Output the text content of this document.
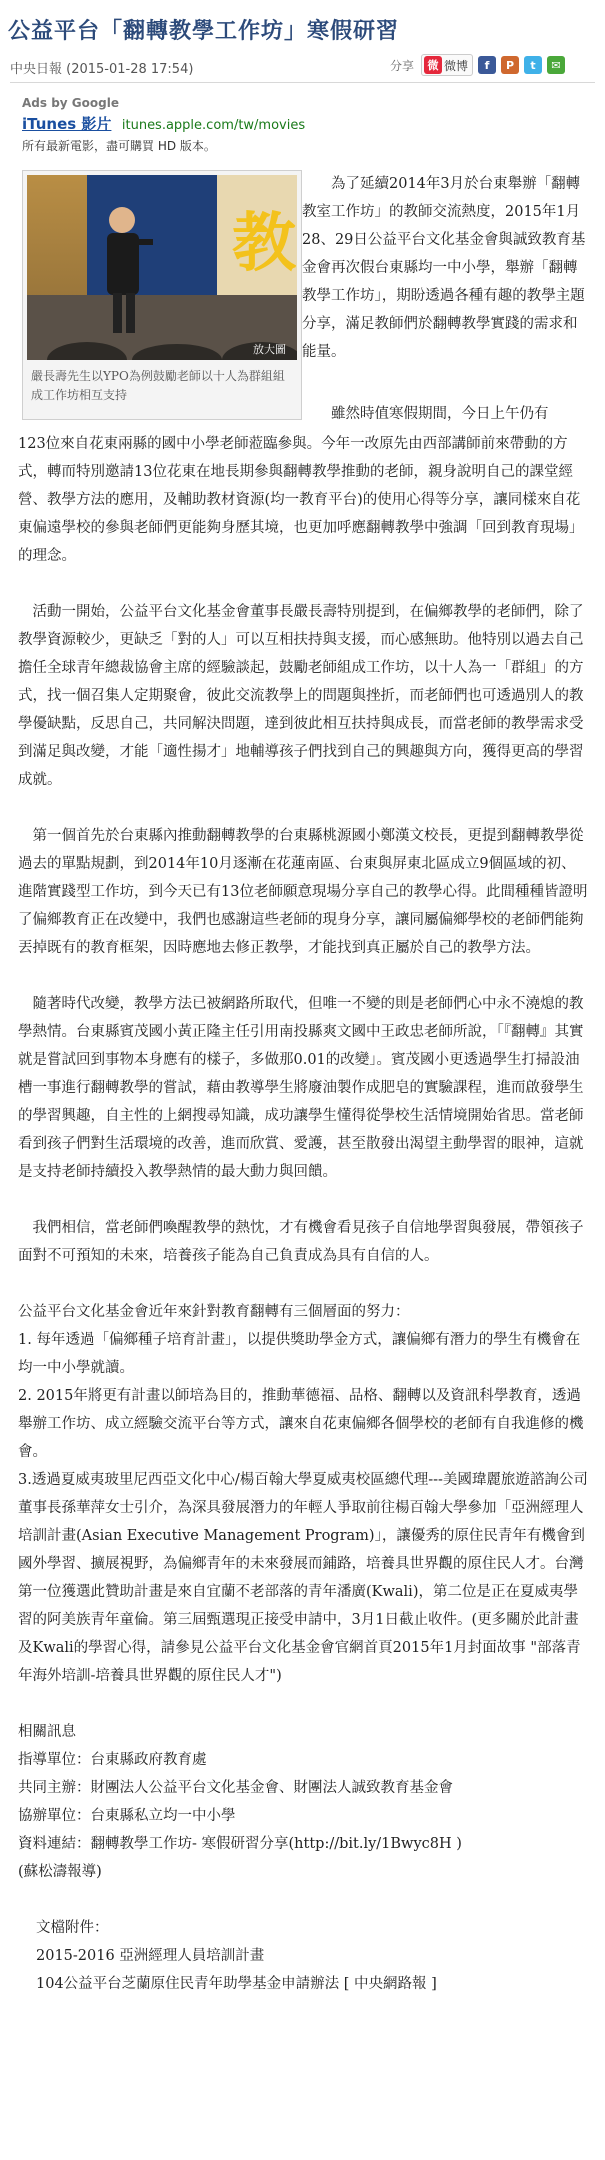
公益平台「翻轉教學工作坊」寒假研習
中央日報 (2015-01-28 17:54)	分享	微 微博	f	P	t	✉
Ads by Google
iTunes 影片 itunes.apple.com/tw/movies
所有最新電影，盡可購買 HD 版本。
教
放大圖
嚴長壽先生以YPO為例鼓勵老師以十人為群組組成工作坊相互支持

　　為了延續2014年3月於台東舉辦「翻轉教室工作坊」的教師交流熱度，2015年1月28、29日公益平台文化基金會與誠致教育基金會再次假台東縣均一中小學，舉辦「翻轉教學工作坊」，期盼透過各種有趣的教學主題分享，滿足教師們於翻轉教學實踐的需求和能量。

　　雖然時值寒假期間，今日上午仍有

123位來自花東兩縣的國中小學老師蒞臨參與。今年一改原先由西部講師前來帶動的方式，轉而特別邀請13位花東在地長期參與翻轉教學推動的老師，親身說明自己的課堂經營、教學方法的應用，及輔助教材資源(均一教育平台)的使用心得等分享，讓同樣來自花東偏遠學校的參與老師們更能夠身歷其境，也更加呼應翻轉教學中強調「回到教育現場」的理念。

　活動一開始，公益平台文化基金會董事長嚴長壽特別提到，在偏鄉教學的老師們，除了教學資源較少，更缺乏「對的人」可以互相扶持與支援，而心感無助。他特別以過去自己擔任全球青年總裁協會主席的經驗談起，鼓勵老師組成工作坊，以十人為一「群組」的方式，找一個召集人定期聚會，彼此交流教學上的問題與挫折，而老師們也可透過別人的教學優缺點，反思自己，共同解決問題，達到彼此相互扶持與成長，而當老師的教學需求受到滿足與改變，才能「適性揚才」地輔導孩子們找到自己的興趣與方向，獲得更高的學習成就。

　第一個首先於台東縣內推動翻轉教學的台東縣桃源國小鄭漢文校長，更提到翻轉教學從過去的單點規劃，到2014年10月逐漸在花蓮南區、台東與屏東北區成立9個區域的初、進階實踐型工作坊，到今天已有13位老師願意現場分享自己的教學心得。此間種種皆證明了偏鄉教育正在改變中，我們也感謝這些老師的現身分享，讓同屬偏鄉學校的老師們能夠丟掉既有的教育框架，因時應地去修正教學，才能找到真正屬於自己的教學方法。

　隨著時代改變，教學方法已被網路所取代，但唯一不變的則是老師們心中永不澆熄的教學熱情。台東縣賓茂國小黃正隆主任引用南投縣爽文國中王政忠老師所說，「『翻轉』其實就是嘗試回到事物本身應有的樣子，多做那0.01的改變」。賓茂國小更透過學生打掃設油槽一事進行翻轉教學的嘗試，藉由教導學生將廢油製作成肥皂的實驗課程，進而啟發學生的學習興趣，自主性的上網搜尋知識，成功讓學生懂得從學校生活情境開始省思。當老師看到孩子們對生活環境的改善，進而欣賞、愛護，甚至散發出渴望主動學習的眼神，這就是支持老師持續投入教學熱情的最大動力與回饋。

　我們相信，當老師們喚醒教學的熱忱，才有機會看見孩子自信地學習與發展，帶領孩子面對不可預知的未來，培養孩子能為自己負責成為具有自信的人。

公益平台文化基金會近年來針對教育翻轉有三個層面的努力：

1. 每年透過「偏鄉種子培育計畫」，以提供獎助學金方式，讓偏鄉有潛力的學生有機會在均一中小學就讀。

2. 2015年將更有計畫以師培為目的，推動華德福、品格、翻轉以及資訊科學教育，透過舉辦工作坊、成立經驗交流平台等方式，讓來自花東偏鄉各個學校的老師有自我進修的機會。

3.透過夏威夷玻里尼西亞文化中心/楊百翰大學夏威夷校區總代理---美國瑋麗旅遊諮詢公司董事長孫華萍女士引介，為深具發展潛力的年輕人爭取前往楊百翰大學參加「亞洲經理人培訓計畫(Asian Executive Management Program)」，讓優秀的原住民青年有機會到國外學習、擴展視野，為偏鄉青年的未來發展而鋪路，培養具世界觀的原住民人才。台灣第一位獲選此贊助計畫是來自宜蘭不老部落的青年潘廣(Kwali)，第二位是正在夏威夷學習的阿美族青年童倫。第三屆甄選現正接受申請中，3月1日截止收件。(更多關於此計畫及Kwali的學習心得，請參見公益平台文化基金會官網首頁2015年1月封面故事 "部落青年海外培訓-培養具世界觀的原住民人才")

相關訊息

指導單位：台東縣政府教育處

共同主辦：財團法人公益平台文化基金會、財團法人誠致教育基金會

協辦單位：台東縣私立均一中小學

資料連結：翻轉教學工作坊- 寒假研習分享(http://bit.ly/1Bwyc8H )

(蘇松濤報導)

文檔附件：

2015-2016 亞洲經理人員培訓計畫

104公益平台芝蘭原住民青年助學基金申請辦法 [ 中央網路報 ]
